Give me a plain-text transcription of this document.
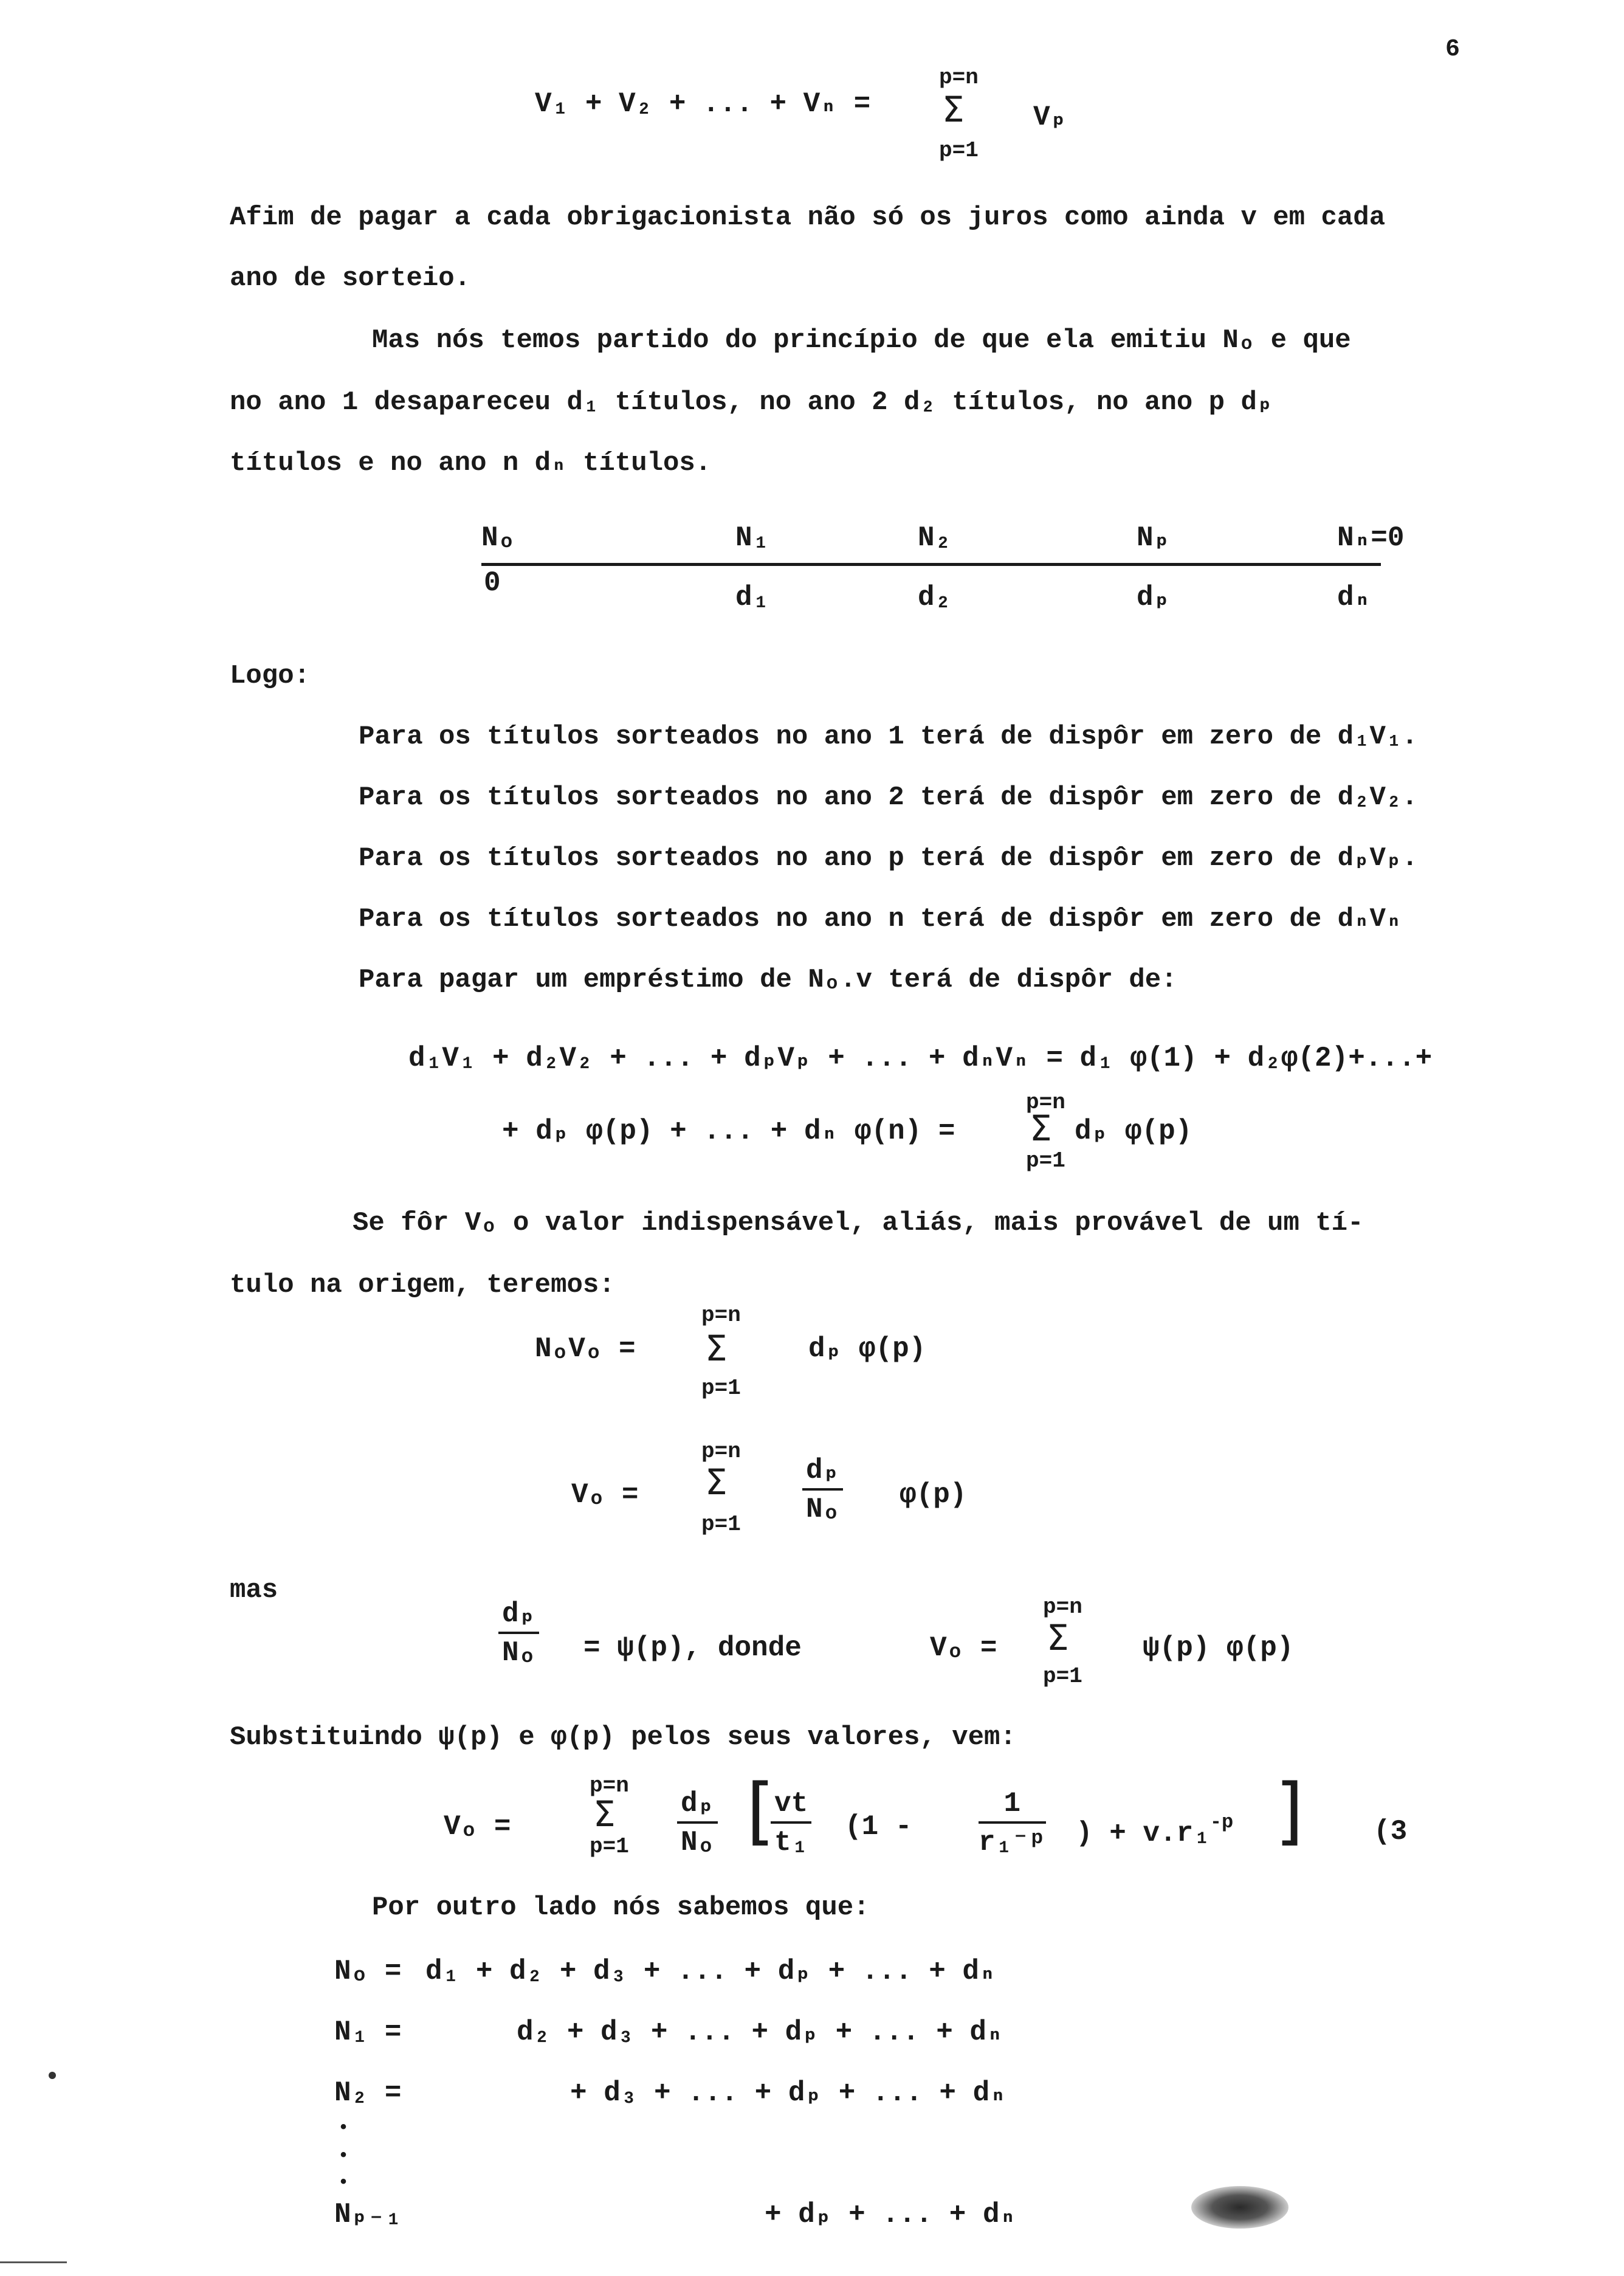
6
V₁ + V₂ + ... + Vₙ =
p=n
Σ
p=1
Vₚ
Afim de pagar a cada obrigacionista não só os juros como ainda v em cada
ano de sorteio.
Mas nós temos partido do princípio de que ela emitiu Nₒ e que
no ano 1 desapareceu d₁ títulos, no ano 2 d₂ títulos, no ano p dₚ
títulos e no ano n dₙ títulos.
Nₒ	N₁	N₂	Nₚ	Nₙ=0
0	d₁	d₂	dₚ	dₙ
Logo:
Para os títulos sorteados no ano 1 terá de dispôr em zero de d₁V₁.
Para os títulos sorteados no ano 2 terá de dispôr em zero de d₂V₂.
Para os títulos sorteados no ano p terá de dispôr em zero de dₚVₚ.
Para os títulos sorteados no ano n terá de dispôr em zero de dₙVₙ
Para pagar um empréstimo de Nₒ.v terá de dispôr de:
d₁V₁ + d₂V₂ + ... + dₚVₚ + ... + dₙVₙ = d₁ φ(1) + d₂φ(2)+...+
+ dₚ φ(p) + ... + dₙ φ(n) =
p=n
Σ
p=1
dₚ φ(p)
Se fôr Vₒ o valor indispensável, aliás, mais provável de um tí-
tulo na origem, teremos:
NₒVₒ =
p=n
Σ
p=1
dₚ φ(p)
Vₒ =
p=n
Σ
p=1
$\frac{\text{dₚ}}{\text{Nₒ}} \varphi(p)$
mas
$\frac{\text{dₚ}}{\text{Nₒ}} = \psi(p)$, donde	Vₒ =
p=n
Σ
p=1
ψ(p) φ(p)
Substituindo ψ(p) e φ(p) pelos seus valores, vem:
Vₒ =
p=n
Σ
$p=1 \frac{\text{dₚ}}{\text{Nₒ}}$ [
$\frac{vt}{\text{t₁}} (1 - \frac{1}{\text{r₁⁻ᵖ}}$ ) + v.r₁$^{-p}$ ]	(3
Por outro lado nós sabemos que:
Nₒ = d₁ + d₂ + d₃ + ... + dₚ + ... + dₙ
N₁ =	d₂ + d₃ + ... + dₚ + ... + dₙ
N₂ =	+ d₃ + ... + dₚ + ... + dₙ
•
•
•
Nₚ₋₁	+ dₚ + ... + dₙ
